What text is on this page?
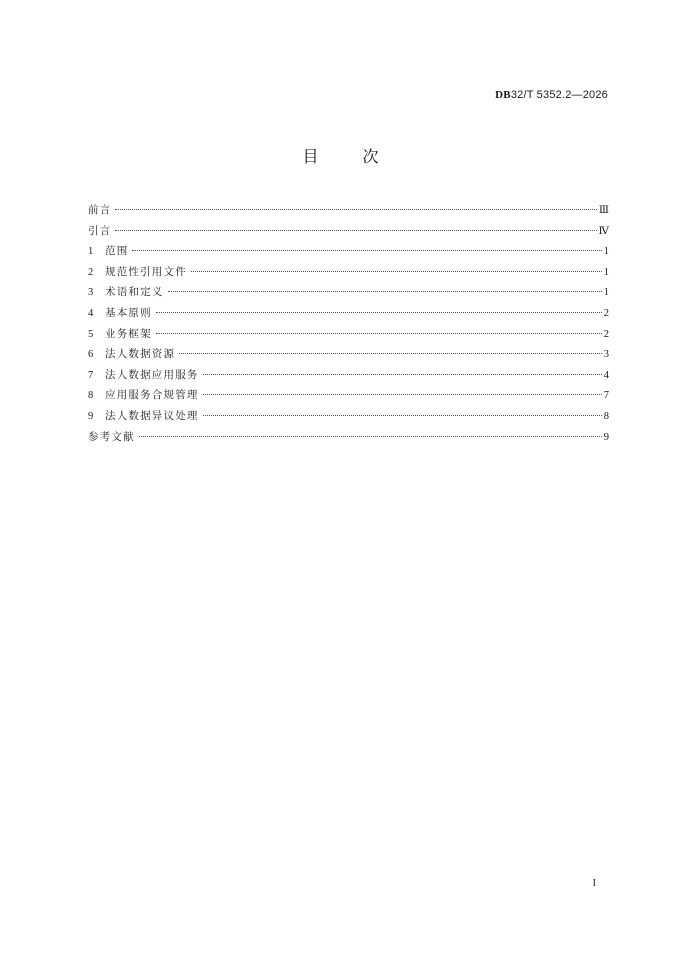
DB32/T 5352.2—2026
目	次
前言	Ⅲ
引言	Ⅳ
1	范围	1
2	规范性引用文件	1
3	术语和定义	1
4	基本原则	2
5	业务框架	2
6	法人数据资源	3
7	法人数据应用服务	4
8	应用服务合规管理	7
9	法人数据异议处理	8
参考文献	9
I
